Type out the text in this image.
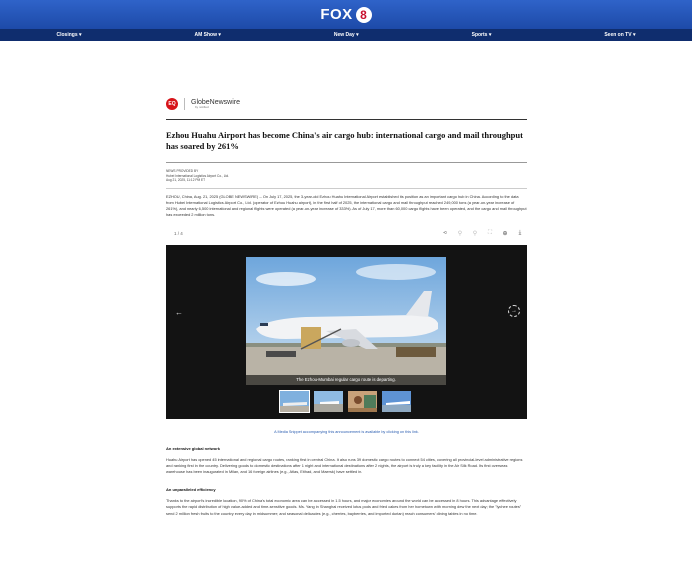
FOX 8
Closings ▾	AM Show ▾	New Day ▾	Sports ▾	Seen on TV ▾
EQ	GlobeNewswire
by notified
Ezhou Huahu Airport has become China's air cargo hub: international cargo and mail throughput has soared by 261%
NEWS PROVIDED BY
Hubei International Logistics Airport Co., Ltd.
Aug 21, 2025, 11:12 PM ET

EZHOU, China, Aug. 21, 2025 (GLOBE NEWSWIRE) -- On July 17, 2025, the 3-year-old Ezhou Huahu International Airport established its position as an important cargo hub in China. According to the data from Hubei International Logistics Airport Co., Ltd. (operator of Ezhou Huahu airport), in the first half of 2025, the international cargo and mail throughput reached 249,000 tons (a year-on-year increase of 261%), and nearly 6,500 international and regional flights were operated (a year-on-year increase of 333%). As of July 17, more than 60,000 cargo flights have been operated, and the cargo and mail throughput has exceeded 2 million tons.

1 / 4	⪦ ⚲ ⚲ ⛶ ⊕ ⤓
←	→
The Ezhou-Mumbai regular cargo route is departing.
A Media Snippet accompanying this announcement is available by clicking on this link.
An extensive global network

Huahu Airport has opened 45 international and regional cargo routes, ranking first in central China. It also runs 39 domestic cargo routes to connect 54 cities, covering all provincial-level administrative regions and ranking first in the country. Delivering goods to domestic destinations after 1 night and international destinations after 2 nights, the airport is truly a key facility in the Air Silk Road. Its first overseas warehouse has been inaugurated in Milan, and 16 foreign airlines (e.g., Atlas, Etihad, and Maersk) have settled in.

An unparalleled efficiency

Thanks to the airport's incredible location, 90% of China's total economic area can be accessed in 1.5 hours, and major economies around the world can be accessed in 8 hours. This advantage effectively supports the rapid distribution of high value-added and time-sensitive goods. Ms. Yang in Shanghai received lotus pods and fried cakes from her hometown with morning dew the next day; the "lychee routes" send 2 million fresh fruits to the country every day in midsummer; and seasonal delicacies (e.g., cherries, bayberries, and imported durian) reach consumers' dining tables in no time.
